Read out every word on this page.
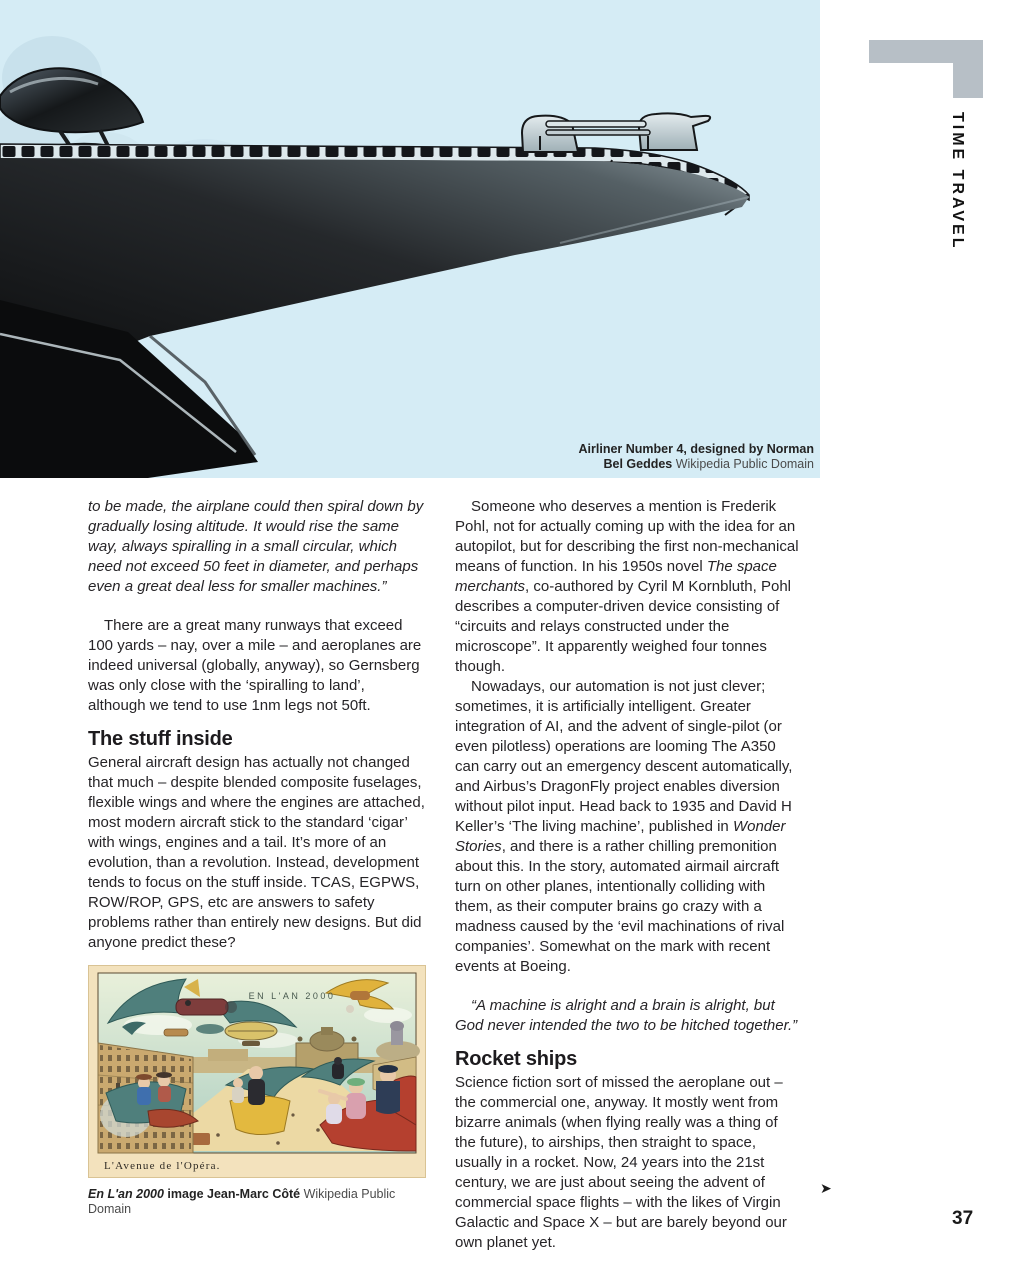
Airliner Number 4, designed by Norman
Bel Geddes Wikipedia Public Domain
TIME TRAVEL

to be made, the airplane could then spiral down by gradually losing altitude. It would rise the same way, always spiralling in a small circular, which need not exceed 50 feet in diameter, and perhaps even a great deal less for smaller machines.”

There are a great many runways that exceed 100 yards – nay, over a mile – and aeroplanes are indeed universal (globally, anyway), so Gernsberg was only close with the ‘spiralling to land’, although we tend to use 1nm legs not 50ft.

The stuff inside

General aircraft design has actually not changed that much – despite blended composite fuselages, flexible wings and where the engines are attached, most modern aircraft stick to the standard ‘cigar’ with wings, engines and a tail. It’s more of an evolution, than a revolution. Instead, development tends to focus on the stuff inside. TCAS, EGPWS, ROW/ROP, GPS, etc are answers to safety problems rather than entirely new designs. But did anyone predict these?

EN L'AN 2000
L'Avenue de l'Opéra.
En L'an 2000 image Jean-Marc Côté Wikipedia Public Domain

Someone who deserves a mention is Frederik Pohl, not for actually coming up with the idea for an autopilot, but for describing the first non-mechanical means of function. In his 1950s novel The space merchants, co-authored by Cyril M Kornbluth, Pohl describes a computer-driven device consisting of “circuits and relays constructed under the microscope”. It apparently weighed four tonnes though.

Nowadays, our automation is not just clever; sometimes, it is artificially intelligent. Greater integration of AI, and the advent of single-pilot (or even pilotless) operations are looming The A350 can carry out an emergency descent automatically, and Airbus’s DragonFly project enables diversion without pilot input. Head back to 1935 and David H Keller’s ‘The living machine’, published in Wonder Stories, and there is a rather chilling premonition about this. In the story, automated airmail aircraft turn on other planes, intentionally colliding with them, as their computer brains go crazy with a madness caused by the ‘evil machinations of rival companies’. Somewhat on the mark with recent events at Boeing.

“A machine is alright and a brain is alright, but God never intended the two to be hitched together.”

Rocket ships

Science fiction sort of missed the aeroplane out – the commercial one, anyway. It mostly went from bizarre animals (when flying really was a thing of the future), to airships, then straight to space, usually in a rocket. Now, 24 years into the 21st century, we are just about seeing the advent of commercial space flights – with the likes of Virgin Galactic and Space X – but are barely beyond our own planet yet.

➤
37
